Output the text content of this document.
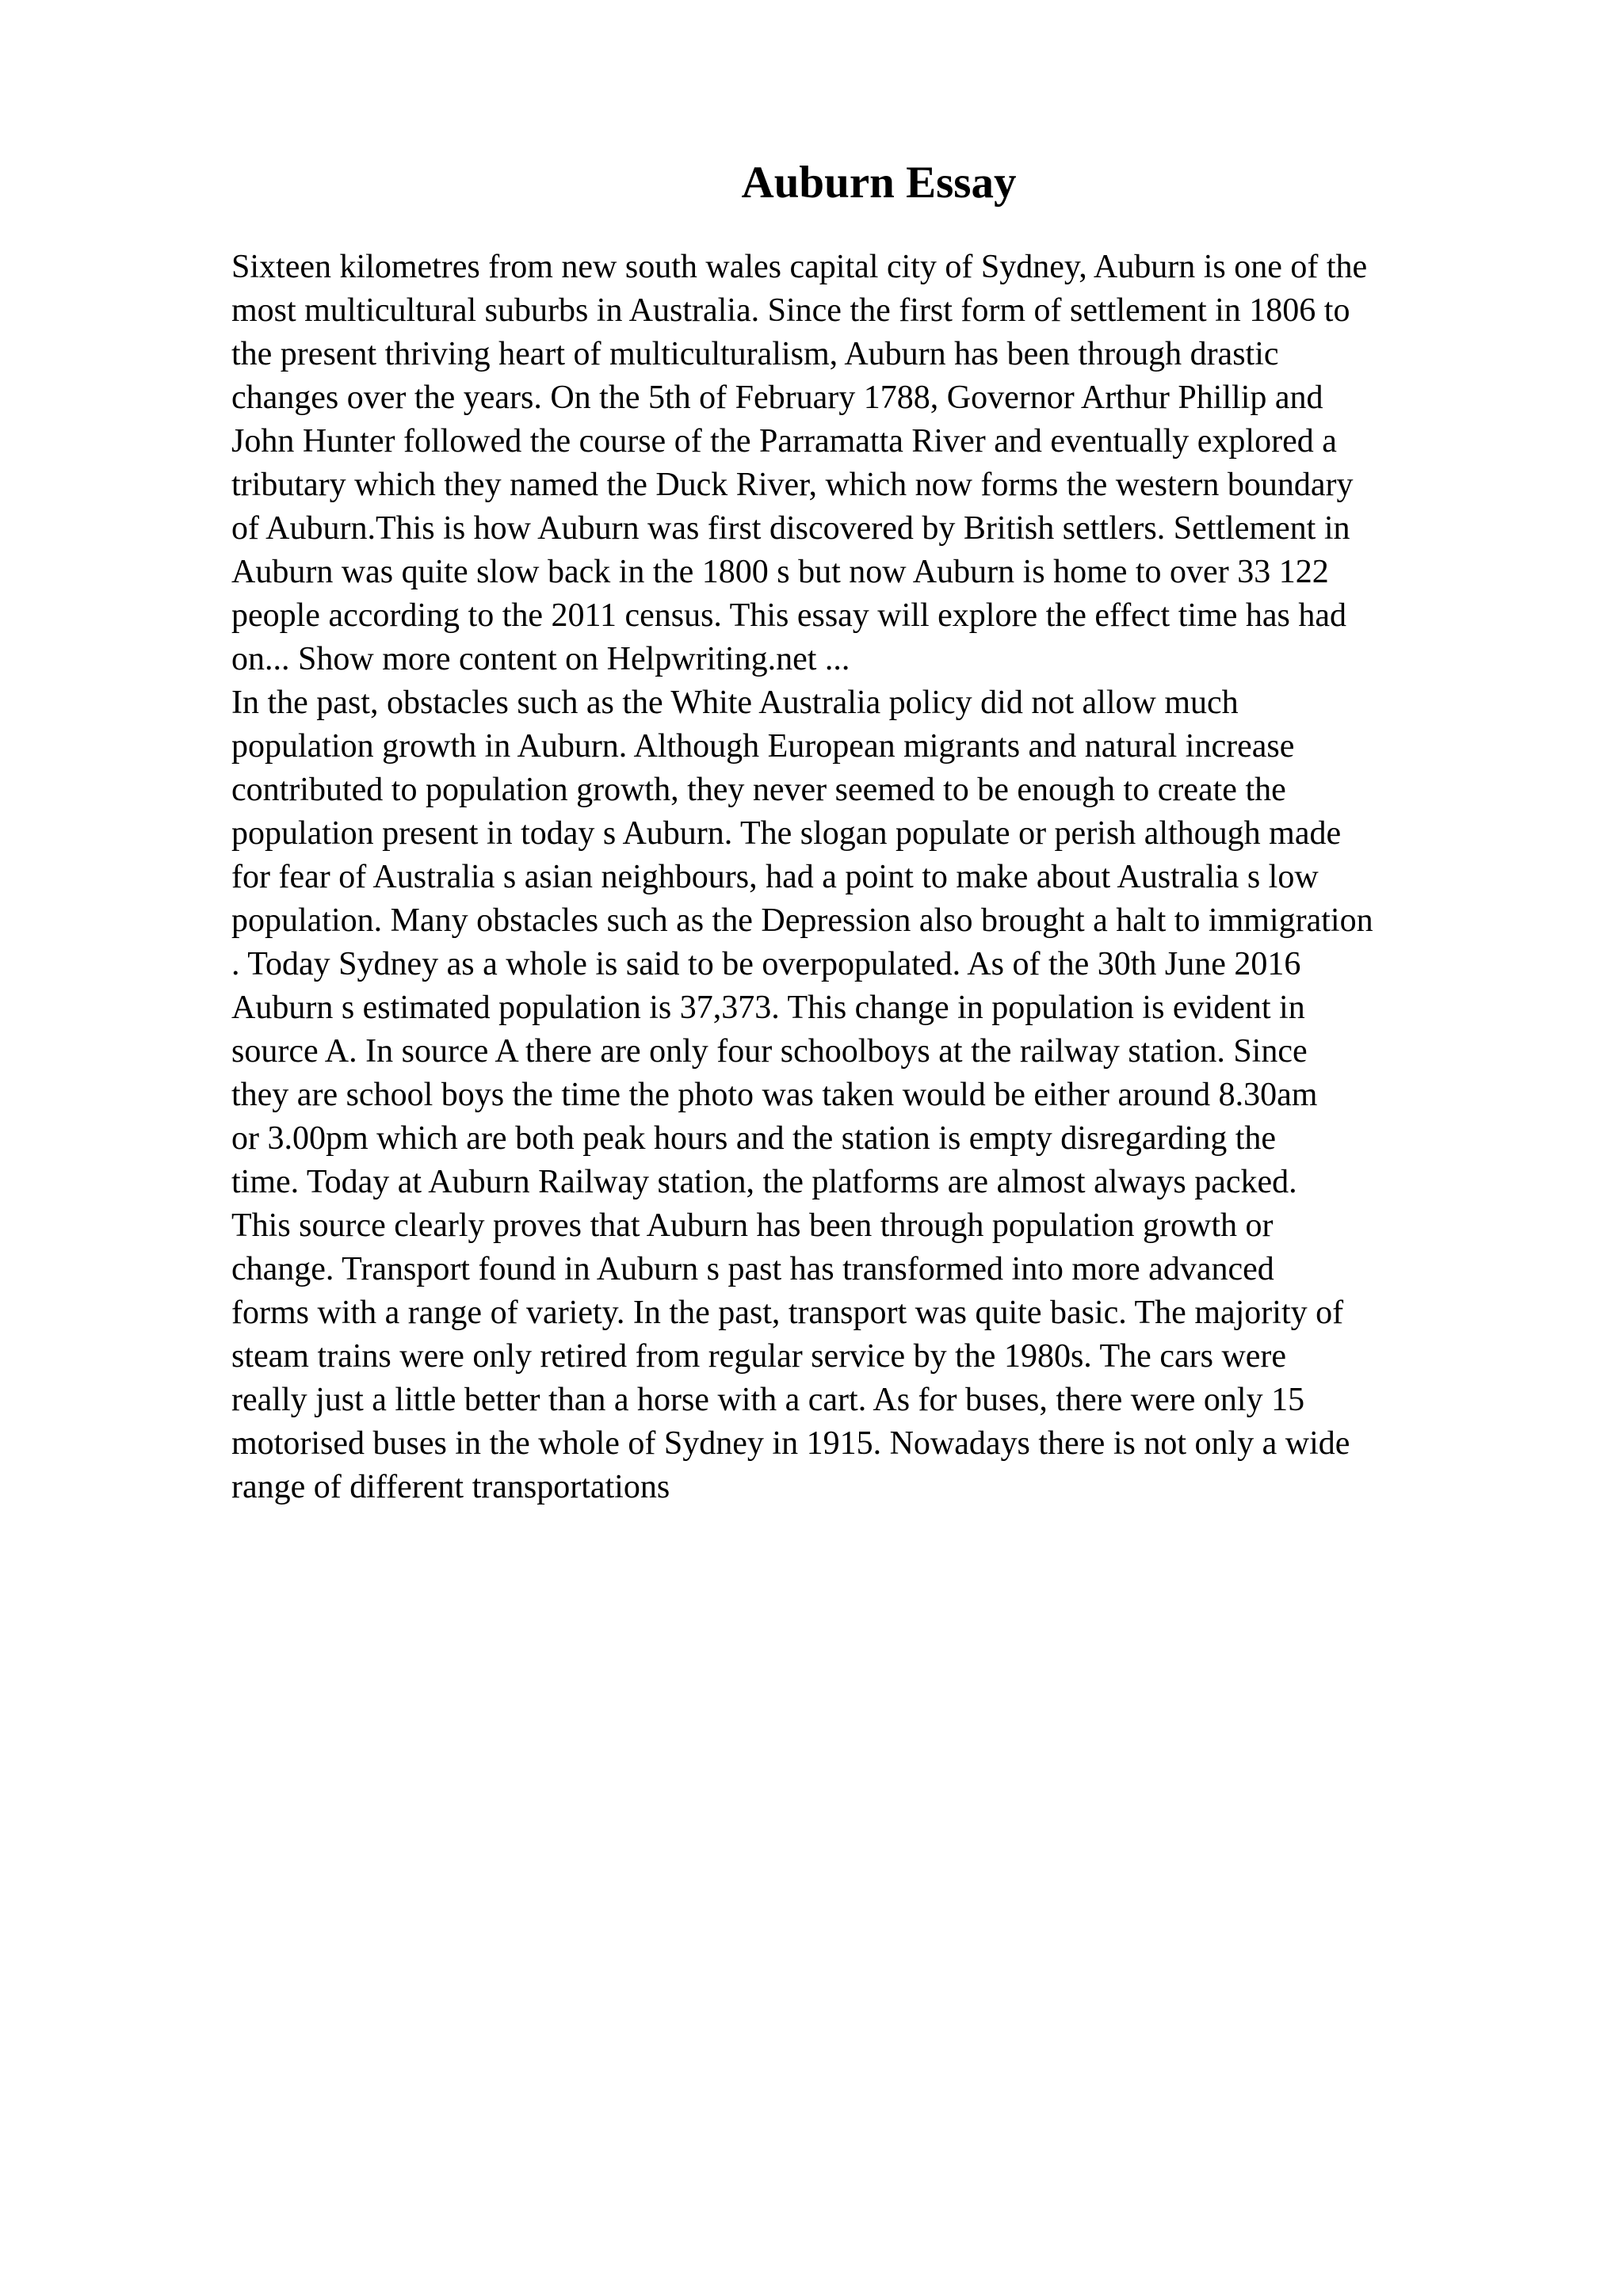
Auburn Essay
Sixteen kilometres from new south wales capital city of Sydney, Auburn is one of the
most multicultural suburbs in Australia. Since the first form of settlement in 1806 to
the present thriving heart of multiculturalism, Auburn has been through drastic
changes over the years. On the 5th of February 1788, Governor Arthur Phillip and
John Hunter followed the course of the Parramatta River and eventually explored a
tributary which they named the Duck River, which now forms the western boundary
of Auburn.This is how Auburn was first discovered by British settlers. Settlement in
Auburn was quite slow back in the 1800 s but now Auburn is home to over 33 122
people according to the 2011 census. This essay will explore the effect time has had
on... Show more content on Helpwriting.net ...
In the past, obstacles such as the White Australia policy did not allow much
population growth in Auburn. Although European migrants and natural increase
contributed to population growth, they never seemed to be enough to create the
population present in today s Auburn. The slogan populate or perish although made
for fear of Australia s asian neighbours, had a point to make about Australia s low
population. Many obstacles such as the Depression also brought a halt to immigration
. Today Sydney as a whole is said to be overpopulated. As of the 30th June 2016
Auburn s estimated population is 37,373. This change in population is evident in
source A. In source A there are only four schoolboys at the railway station. Since
they are school boys the time the photo was taken would be either around 8.30am
or 3.00pm which are both peak hours and the station is empty disregarding the
time. Today at Auburn Railway station, the platforms are almost always packed.
This source clearly proves that Auburn has been through population growth or
change. Transport found in Auburn s past has transformed into more advanced
forms with a range of variety. In the past, transport was quite basic. The majority of
steam trains were only retired from regular service by the 1980s. The cars were
really just a little better than a horse with a cart. As for buses, there were only 15
motorised buses in the whole of Sydney in 1915. Nowadays there is not only a wide
range of different transportations
